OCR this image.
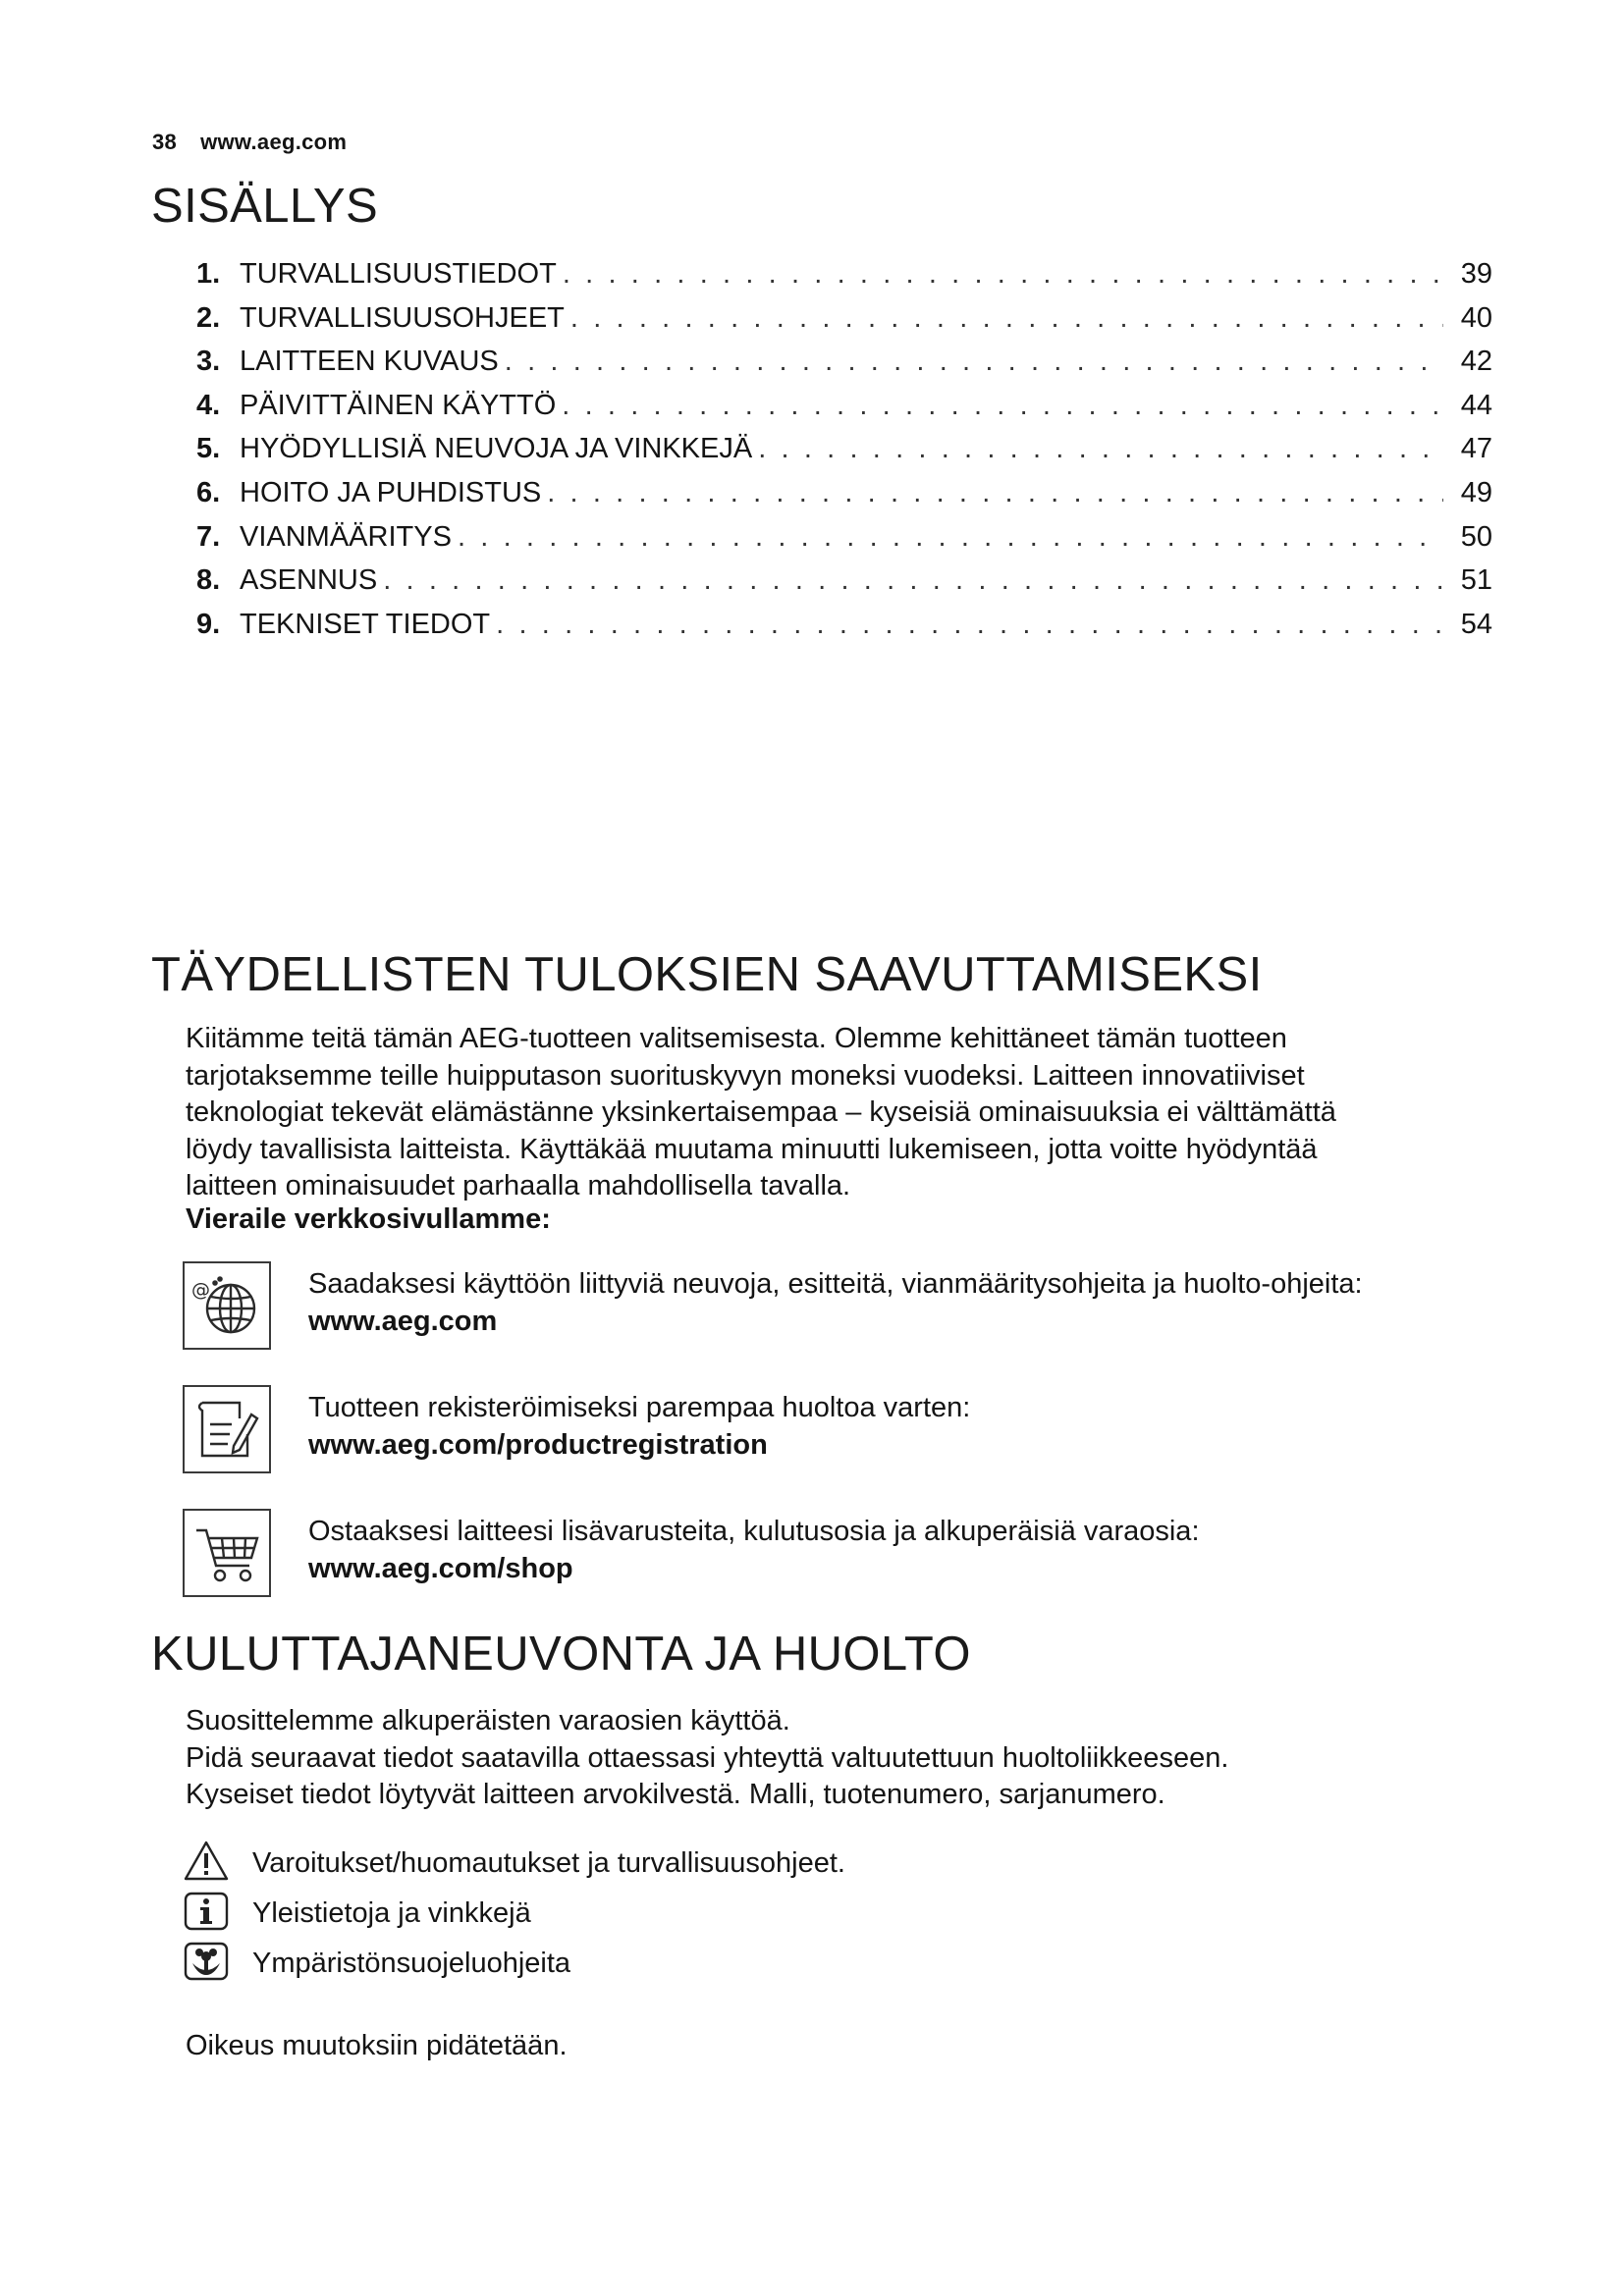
38 www.aeg.com
SISÄLLYS
1. TURVALLISUUSTIEDOT . . .	39
2. TURVALLISUUSOHJEET . . .	40
3. LAITTEEN KUVAUS . . .	42
4. PÄIVITTÄINEN KÄYTTÖ . . .	44
5. HYÖDYLLISIÄ NEUVOJA JA VINKKEJÄ . . .	47
6. HOITO JA PUHDISTUS . . .	49
7. VIANMÄÄRITYS . . .	50
8. ASENNUS . . .	51
9. TEKNISET TIEDOT . . .	54
TÄYDELLISTEN TULOKSIEN SAAVUTTAMISEKSI
Kiitämme teitä tämän AEG-tuotteen valitsemisesta. Olemme kehittäneet tämän tuotteen
tarjotaksemme teille huipputason suorituskyvyn moneksi vuodeksi. Laitteen innovatiiviset
teknologiat tekevät elämästänne yksinkertaisempaa – kyseisiä ominaisuuksia ei välttämättä
löydy tavallisista laitteista. Käyttäkää muutama minuutti lukemiseen, jotta voitte hyödyntää
laitteen ominaisuudet parhaalla mahdollisella tavalla.
Vieraile verkkosivullamme:
@	Saadaksesi käyttöön liittyviä neuvoja, esitteitä, vianmääritysohjeita ja huolto-ohjeita:
www.aeg.com
Tuotteen rekisteröimiseksi parempaa huoltoa varten:
www.aeg.com/productregistration
Ostaaksesi laitteesi lisävarusteita, kulutusosia ja alkuperäisiä varaosia:
www.aeg.com/shop
KULUTTAJANEUVONTA JA HUOLTO
Suosittelemme alkuperäisten varaosien käyttöä.
Pidä seuraavat tiedot saatavilla ottaessasi yhteyttä valtuutettuun huoltoliikkeeseen.
Kyseiset tiedot löytyvät laitteen arvokilvestä. Malli, tuotenumero, sarjanumero.
Varoitukset/huomautukset ja turvallisuusohjeet.
Yleistietoja ja vinkkejä
Ympäristönsuojeluohjeita
Oikeus muutoksiin pidätetään.
